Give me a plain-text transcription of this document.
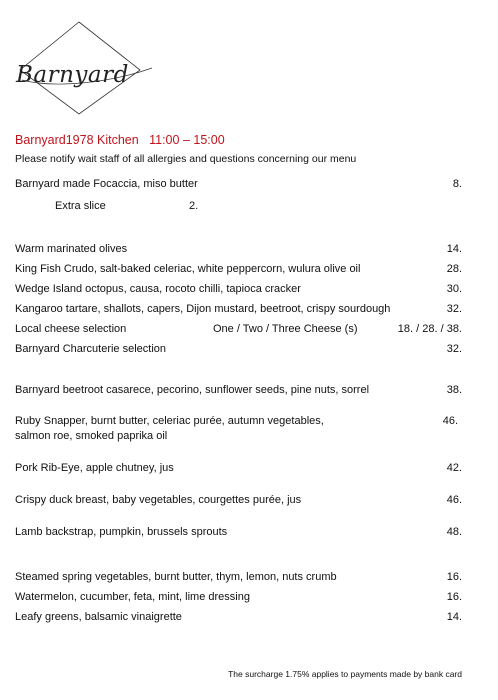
Barnyard
Barnyard1978 Kitchen   11:00 – 15:00
Please notify wait staff of all allergies and questions concerning our menu
Barnyard made Focaccia, miso butter	8.
Extra slice	2.
Warm marinated olives	14.
King Fish Crudo, salt-baked celeriac, white peppercorn, wulura olive oil	28.
Wedge Island octopus, causa, rocoto chilli, tapioca cracker	30.
Kangaroo tartare, shallots, capers, Dijon mustard, beetroot, crispy sourdough	32.
Local cheese selection	One / Two / Three Cheese (s)	18. / 28. / 38.
Barnyard Charcuterie selection	32.
Barnyard beetroot casarece, pecorino, sunflower seeds, pine nuts, sorrel	38.
Ruby Snapper, burnt butter, celeriac purée, autumn vegetables,
salmon roe, smoked paprika oil
46.
Pork Rib-Eye, apple chutney, jus	42.
Crispy duck breast, baby vegetables, courgettes purée, jus	46.
Lamb backstrap, pumpkin, brussels sprouts	48.
Steamed spring vegetables, burnt butter, thym, lemon, nuts crumb	16.
Watermelon, cucumber, feta, mint, lime dressing	16.
Leafy greens, balsamic vinaigrette	14.
The surcharge 1.75% applies to payments made by bank card
